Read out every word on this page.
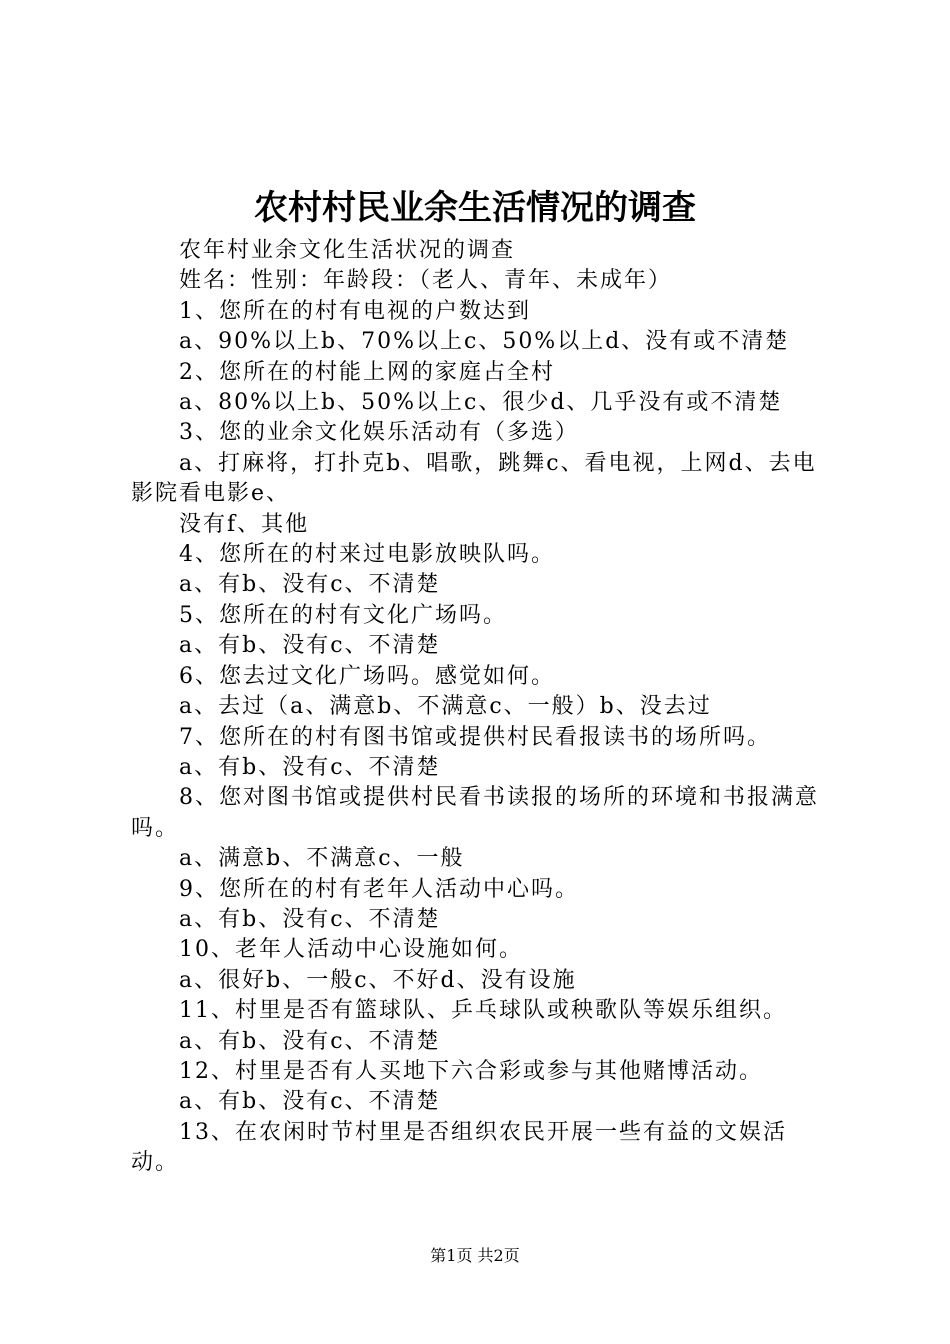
农村村民业余生活情况的调查

农年村业余文化生活状况的调查

姓名：性别：年龄段：（老人、青年、未成年）

1、您所在的村有电视的户数达到

a、90%以上b、70%以上c、50%以上d、没有或不清楚

2、您所在的村能上网的家庭占全村

a、80%以上b、50%以上c、很少d、几乎没有或不清楚

3、您的业余文化娱乐活动有（多选）

a、打麻将，打扑克b、唱歌，跳舞c、看电视，上网d、去电影院看电影e、

没有f、其他

4、您所在的村来过电影放映队吗。

a、有b、没有c、不清楚

5、您所在的村有文化广场吗。

a、有b、没有c、不清楚

6、您去过文化广场吗。感觉如何。

a、去过（a、满意b、不满意c、一般）b、没去过

7、您所在的村有图书馆或提供村民看报读书的场所吗。

a、有b、没有c、不清楚

8、您对图书馆或提供村民看书读报的场所的环境和书报满意吗。

a、满意b、不满意c、一般

9、您所在的村有老年人活动中心吗。

a、有b、没有c、不清楚

10、老年人活动中心设施如何。

a、很好b、一般c、不好d、没有设施

11、村里是否有篮球队、乒乓球队或秧歌队等娱乐组织。

a、有b、没有c、不清楚

12、村里是否有人买地下六合彩或参与其他赌博活动。

a、有b、没有c、不清楚

13、在农闲时节村里是否组织农民开展一些有益的文娱活动。

第1页 共2页
